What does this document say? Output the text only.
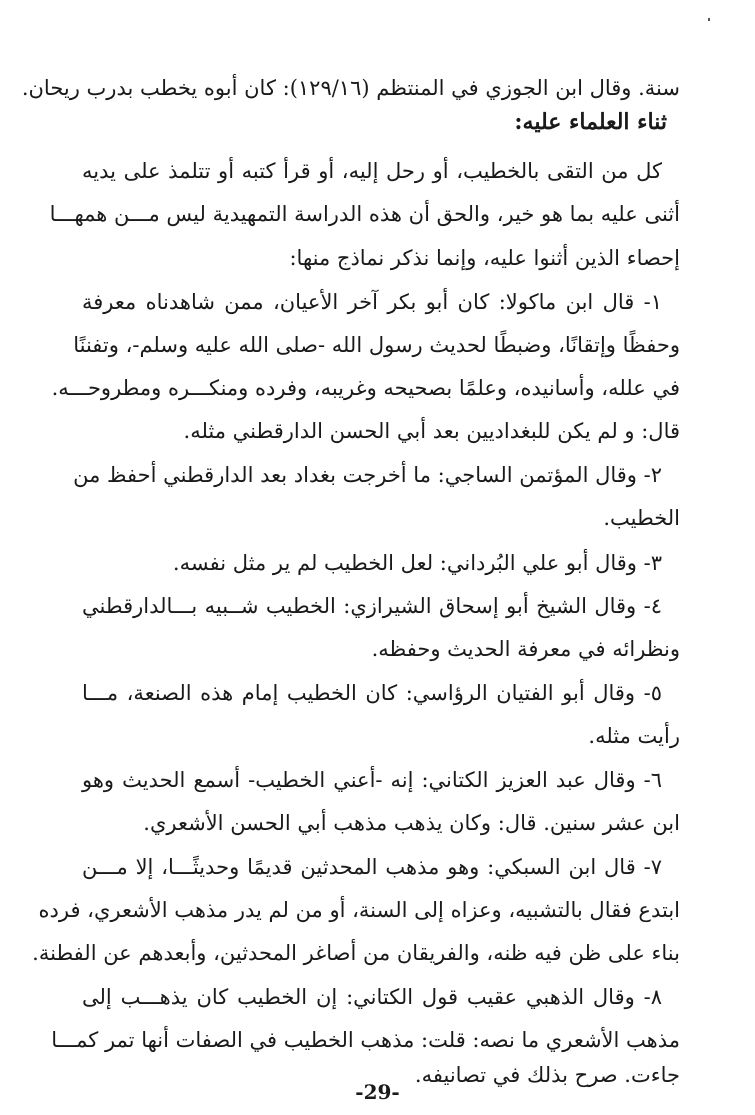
سنة. وقال ابن الجوزي في المنتظم (١٢٩/١٦): كان أبوه يخطب بدرب ريحان.
ثناء العلماء عليه:
كل من التقى بالخطيب، أو رحل إليه، أو قرأ كتبه أو تتلمذ على يديه
أثنى عليه بما هو خير، والحق أن هذه الدراسة التمهيدية ليس مـــن همهـــا
إحصاء الذين أثنوا عليه، وإنما نذكر نماذج منها:
١- قال ابن ماكولا: كان أبو بكر آخر الأعيان، ممن شاهدناه معرفة
وحفظًا وإتقانًا، وضبطًا لحديث رسول الله -صلى الله عليه وسلم-، وتفننًا
في علله، وأسانيده، وعلمًا بصحيحه وغريبه، وفرده ومنكـــره ومطروحـــه.
قال: و لم يكن للبغداديين بعد أبي الحسن الدارقطني مثله.
٢- وقال المؤتمن الساجي: ما أخرجت بغداد بعد الدارقطني أحفظ من
الخطيب.
٣- وقال أبو علي البُرداني: لعل الخطيب لم ير مثل نفسه.
٤- وقال الشيخ أبو إسحاق الشيرازي: الخطيب شــبيه بـــالدارقطني
ونظرائه في معرفة الحديث وحفظه.
٥- وقال أبو الفتيان الرؤاسي: كان الخطيب إمام هذه الصنعة، مـــا
رأيت مثله.
٦- وقال عبد العزيز الكتاني: إنه -أعني الخطيب- أسمع الحديث وهو
ابن عشر سنين. قال: وكان يذهب مذهب أبي الحسن الأشعري.
٧- قال ابن السبكي: وهو مذهب المحدثين قديمًا وحديثًـــا، إلا مـــن
ابتدع فقال بالتشبيه، وعزاه إلى السنة، أو من لم يدر مذهب الأشعري، فرده
بناء على ظن فيه ظنه، والفريقان من أصاغر المحدثين، وأبعدهم عن الفطنة.
٨- وقال الذهبي عقيب قول الكتاني: إن الخطيب كان يذهـــب إلى
مذهب الأشعري ما نصه: قلت: مذهب الخطيب في الصفات أنها تمر كمـــا
جاءت. صرح بذلك في تصانيفه.
-29-
